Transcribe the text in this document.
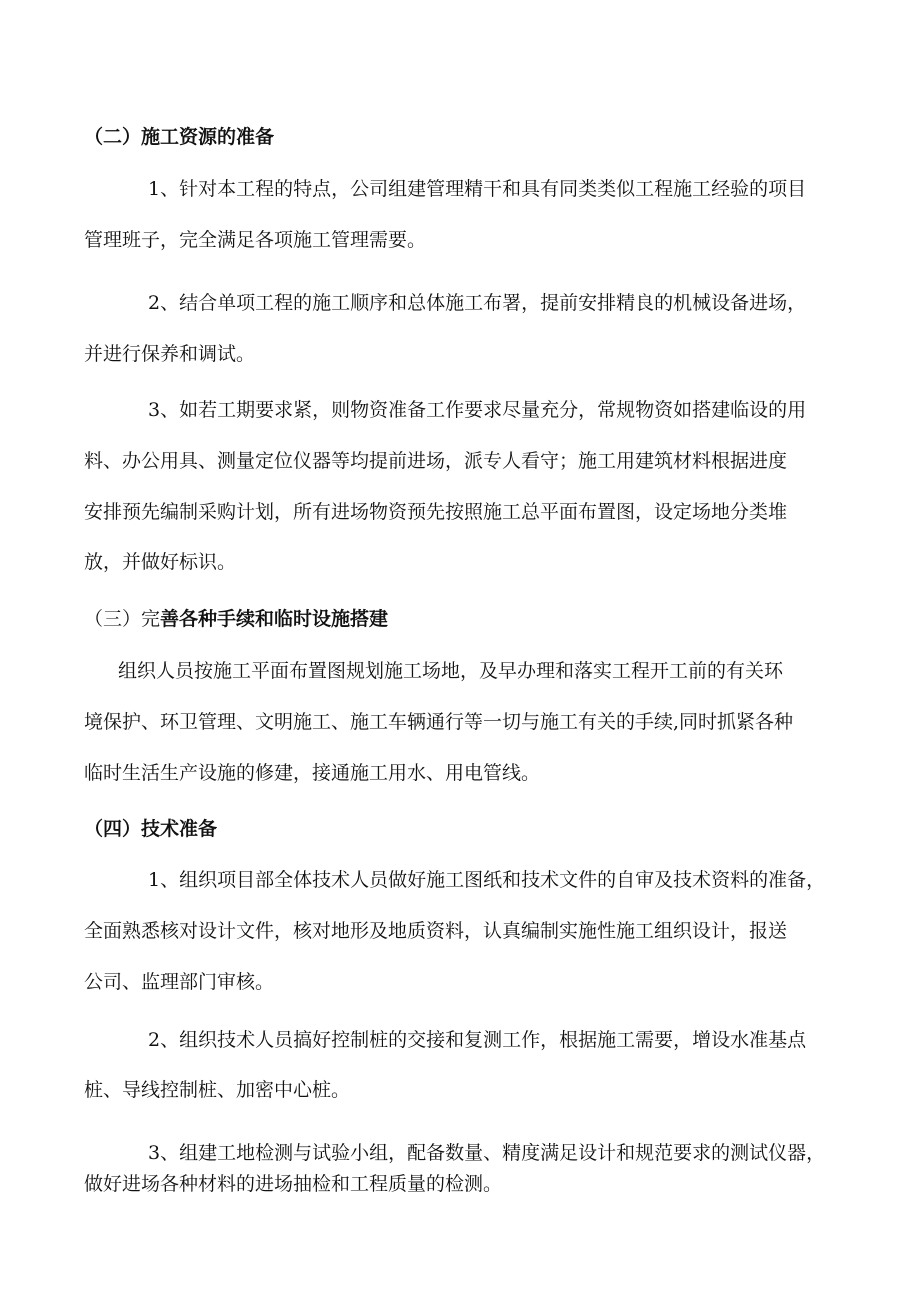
（二）施工资源的准备
1、针对本工程的特点，公司组建管理精干和具有同类类似工程施工经验的项目
管理班子，完全满足各项施工管理需要。
2、结合单项工程的施工顺序和总体施工布署，提前安排精良的机械设备进场，
并进行保养和调试。
3、如若工期要求紧，则物资准备工作要求尽量充分，常规物资如搭建临设的用
料、办公用具、测量定位仪器等均提前进场，派专人看守；施工用建筑材料根据进度
安排预先编制采购计划，所有进场物资预先按照施工总平面布置图，设定场地分类堆
放，并做好标识。
（三）完善各种手续和临时设施搭建
组织人员按施工平面布置图规划施工场地，及早办理和落实工程开工前的有关环
境保护、环卫管理、文明施工、施工车辆通行等一切与施工有关的手续,同时抓紧各种
临时生活生产设施的修建，接通施工用水、用电管线。
（四）技术准备
1、组织项目部全体技术人员做好施工图纸和技术文件的自审及技术资料的准备，
全面熟悉核对设计文件，核对地形及地质资料，认真编制实施性施工组织设计，报送
公司、监理部门审核。
2、组织技术人员搞好控制桩的交接和复测工作，根据施工需要，增设水准基点
桩、导线控制桩、加密中心桩。
3、组建工地检测与试验小组，配备数量、精度满足设计和规范要求的测试仪器，
做好进场各种材料的进场抽检和工程质量的检测。
